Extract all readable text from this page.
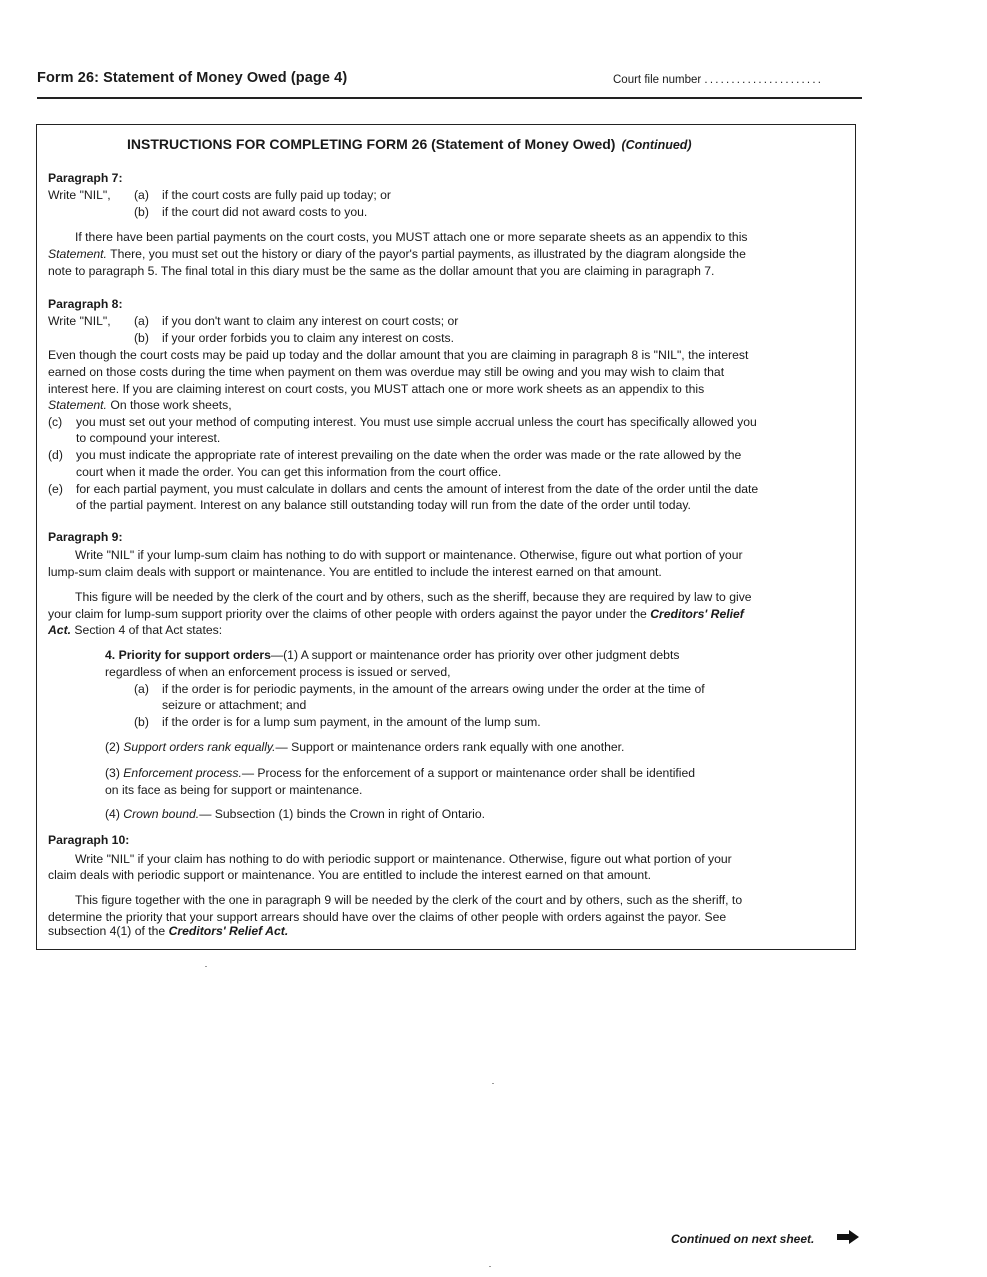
Form 26: Statement of Money Owed (page 4)	Court file number ......................
INSTRUCTIONS FOR COMPLETING FORM 26 (Statement of Money Owed) (Continued)
Paragraph 7:
Write "NIL", (a) if the court costs are fully paid up today; or
(b) if the court did not award costs to you.
If there have been partial payments on the court costs, you MUST attach one or more separate sheets as an appendix to this
Statement. There, you must set out the history or diary of the payor's partial payments, as illustrated by the diagram alongside the
note to paragraph 5. The final total in this diary must be the same as the dollar amount that you are claiming in paragraph 7.
Paragraph 8:
Write "NIL", (a) if you don't want to claim any interest on court costs; or
(b) if your order forbids you to claim any interest on costs.
Even though the court costs may be paid up today and the dollar amount that you are claiming in paragraph 8 is "NIL", the interest
earned on those costs during the time when payment on them was overdue may still be owing and you may wish to claim that
interest here. If you are claiming interest on court costs, you MUST attach one or more work sheets as an appendix to this
Statement. On those work sheets,
(c) you must set out your method of computing interest. You must use simple accrual unless the court has specifically allowed you
to compound your interest.
(d) you must indicate the appropriate rate of interest prevailing on the date when the order was made or the rate allowed by the
court when it made the order. You can get this information from the court office.
(e) for each partial payment, you must calculate in dollars and cents the amount of interest from the date of the order until the date
of the partial payment. Interest on any balance still outstanding today will run from the date of the order until today.
Paragraph 9:
Write "NIL" if your lump-sum claim has nothing to do with support or maintenance. Otherwise, figure out what portion of your
lump-sum claim deals with support or maintenance. You are entitled to include the interest earned on that amount.
This figure will be needed by the clerk of the court and by others, such as the sheriff, because they are required by law to give
your claim for lump-sum support priority over the claims of other people with orders against the payor under the Creditors' Relief
Act. Section 4 of that Act states:
4. Priority for support orders—(1) A support or maintenance order has priority over other judgment debts
regardless of when an enforcement process is issued or served,
(a) if the order is for periodic payments, in the amount of the arrears owing under the order at the time of
seizure or attachment; and
(b) if the order is for a lump sum payment, in the amount of the lump sum.
(2) Support orders rank equally.— Support or maintenance orders rank equally with one another.
(3) Enforcement process.— Process for the enforcement of a support or maintenance order shall be identified
on its face as being for support or maintenance.
(4) Crown bound.— Subsection (1) binds the Crown in right of Ontario.
Paragraph 10:
Write "NIL" if your claim has nothing to do with periodic support or maintenance. Otherwise, figure out what portion of your
claim deals with periodic support or maintenance. You are entitled to include the interest earned on that amount.
This figure together with the one in paragraph 9 will be needed by the clerk of the court and by others, such as the sheriff, to
determine the priority that your support arrears should have over the claims of other people with orders against the payor. See
subsection 4(1) of the Creditors' Relief Act.
Continued on next sheet.
